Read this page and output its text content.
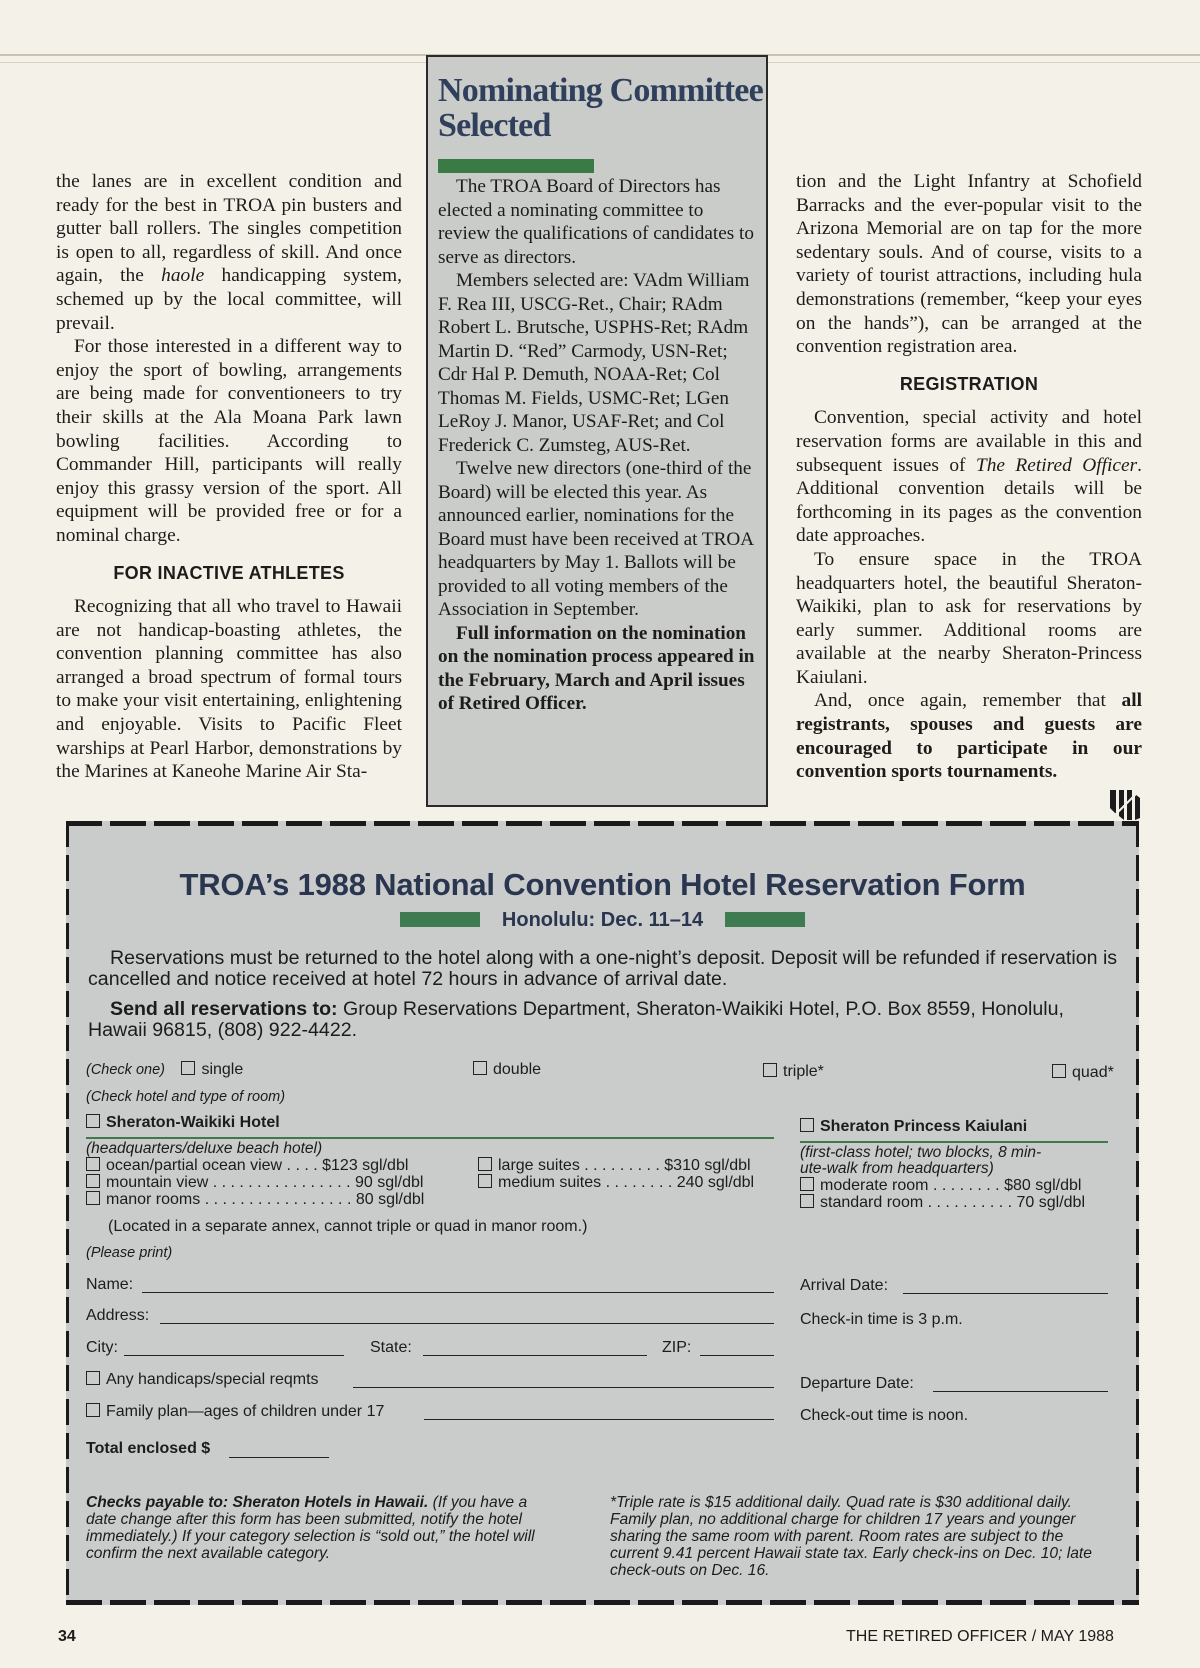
the lanes are in excellent condition and ready for the best in TROA pin busters and gutter ball rollers. The singles competition is open to all, regardless of skill. And once again, the haole handicapping system, schemed up by the local committee, will prevail.

For those interested in a different way to enjoy the sport of bowling, arrangements are being made for conventioneers to try their skills at the Ala Moana Park lawn bowling facilities. According to Commander Hill, participants will really enjoy this grassy version of the sport. All equipment will be provided free or for a nominal charge.

FOR INACTIVE ATHLETES

Recognizing that all who travel to Hawaii are not handicap-boasting athletes, the convention planning committee has also arranged a broad spectrum of formal tours to make your visit entertaining, enlightening and enjoyable. Visits to Pacific Fleet warships at Pearl Harbor, demonstrations by the Marines at Kaneohe Marine Air Sta-

Nominating Committee
Selected

The TROA Board of Directors has elected a nominating committee to review the qualifications of candidates to serve as directors.

Members selected are: VAdm William F. Rea III, USCG-Ret., Chair; RAdm Robert L. Brutsche, USPHS-Ret; RAdm Martin D. “Red” Carmody, USN-Ret; Cdr Hal P. Demuth, NOAA-Ret; Col Thomas M. Fields, USMC-Ret; LGen LeRoy J. Manor, USAF-Ret; and Col Frederick C. Zumsteg, AUS-Ret.

Twelve new directors (one-third of the Board) will be elected this year. As announced earlier, nominations for the Board must have been received at TROA headquarters by May 1. Ballots will be provided to all voting members of the Association in September.

Full information on the nomination on the nomination process appeared in the February, March and April issues of Retired Officer.

tion and the Light Infantry at Schofield Barracks and the ever-popular visit to the Arizona Memorial are on tap for the more sedentary souls. And of course, visits to a variety of tourist attractions, including hula demonstrations (remember, “keep your eyes on the hands”), can be arranged at the convention registration area.

REGISTRATION

Convention, special activity and hotel reservation forms are available in this and subsequent issues of The Retired Officer. Additional convention details will be forthcoming in its pages as the convention date approaches.

To ensure space in the TROA headquarters hotel, the beautiful Sheraton-Waikiki, plan to ask for reservations by early summer. Additional rooms are available at the nearby Sheraton-Princess Kaiulani.

And, once again, remember that all registrants, spouses and guests are encouraged to participate in our convention sports tournaments.

TROA’s 1988 National Convention Hotel Reservation Form
Honolulu: Dec. 11–14

Reservations must be returned to the hotel along with a one-night’s deposit. Deposit will be refunded if reservation is cancelled and notice received at hotel 72 hours in advance of arrival date.

Send all reservations to: Group Reservations Department, Sheraton-Waikiki Hotel, P.O. Box 8559, Honolulu, Hawaii 96815, (808) 922-4422.

(Check one) single	double	triple*	quad*
(Check hotel and type of room)
Sheraton-Waikiki Hotel
(headquarters/deluxe beach hotel)
ocean/partial ocean view . . . . $123 sgl/dbl
mountain view . . . . . . . . . . . . . . . . 90 sgl/dbl
manor rooms . . . . . . . . . . . . . . . . . 80 sgl/dbl
large suites . . . . . . . . . $310 sgl/dbl
medium suites . . . . . . . . 240 sgl/dbl
(Located in a separate annex, cannot triple or quad in manor room.)
Sheraton Princess Kaiulani
(first-class hotel; two blocks, 8 min-
ute-walk from headquarters)
moderate room . . . . . . . . $80 sgl/dbl
standard room . . . . . . . . . . 70 sgl/dbl
(Please print)
Name:
Address:
City:	State:	ZIP:
Any handicaps/special reqmts
Family plan—ages of children under 17
Total enclosed $
Arrival Date:
Check-in time is 3 p.m.
Departure Date:
Check-out time is noon.
Checks payable to: Sheraton Hotels in Hawaii. (If you have a date change after this form has been submitted, notify the hotel immediately.) If your category selection is “sold out,” the hotel will confirm the next available category.
*Triple rate is $15 additional daily. Quad rate is $30 additional daily. Family plan, no additional charge for children 17 years and younger sharing the same room with parent. Room rates are subject to the current 9.41 percent Hawaii state tax. Early check-ins on Dec. 10; late check-outs on Dec. 16.
34	THE RETIRED OFFICER / MAY 1988
